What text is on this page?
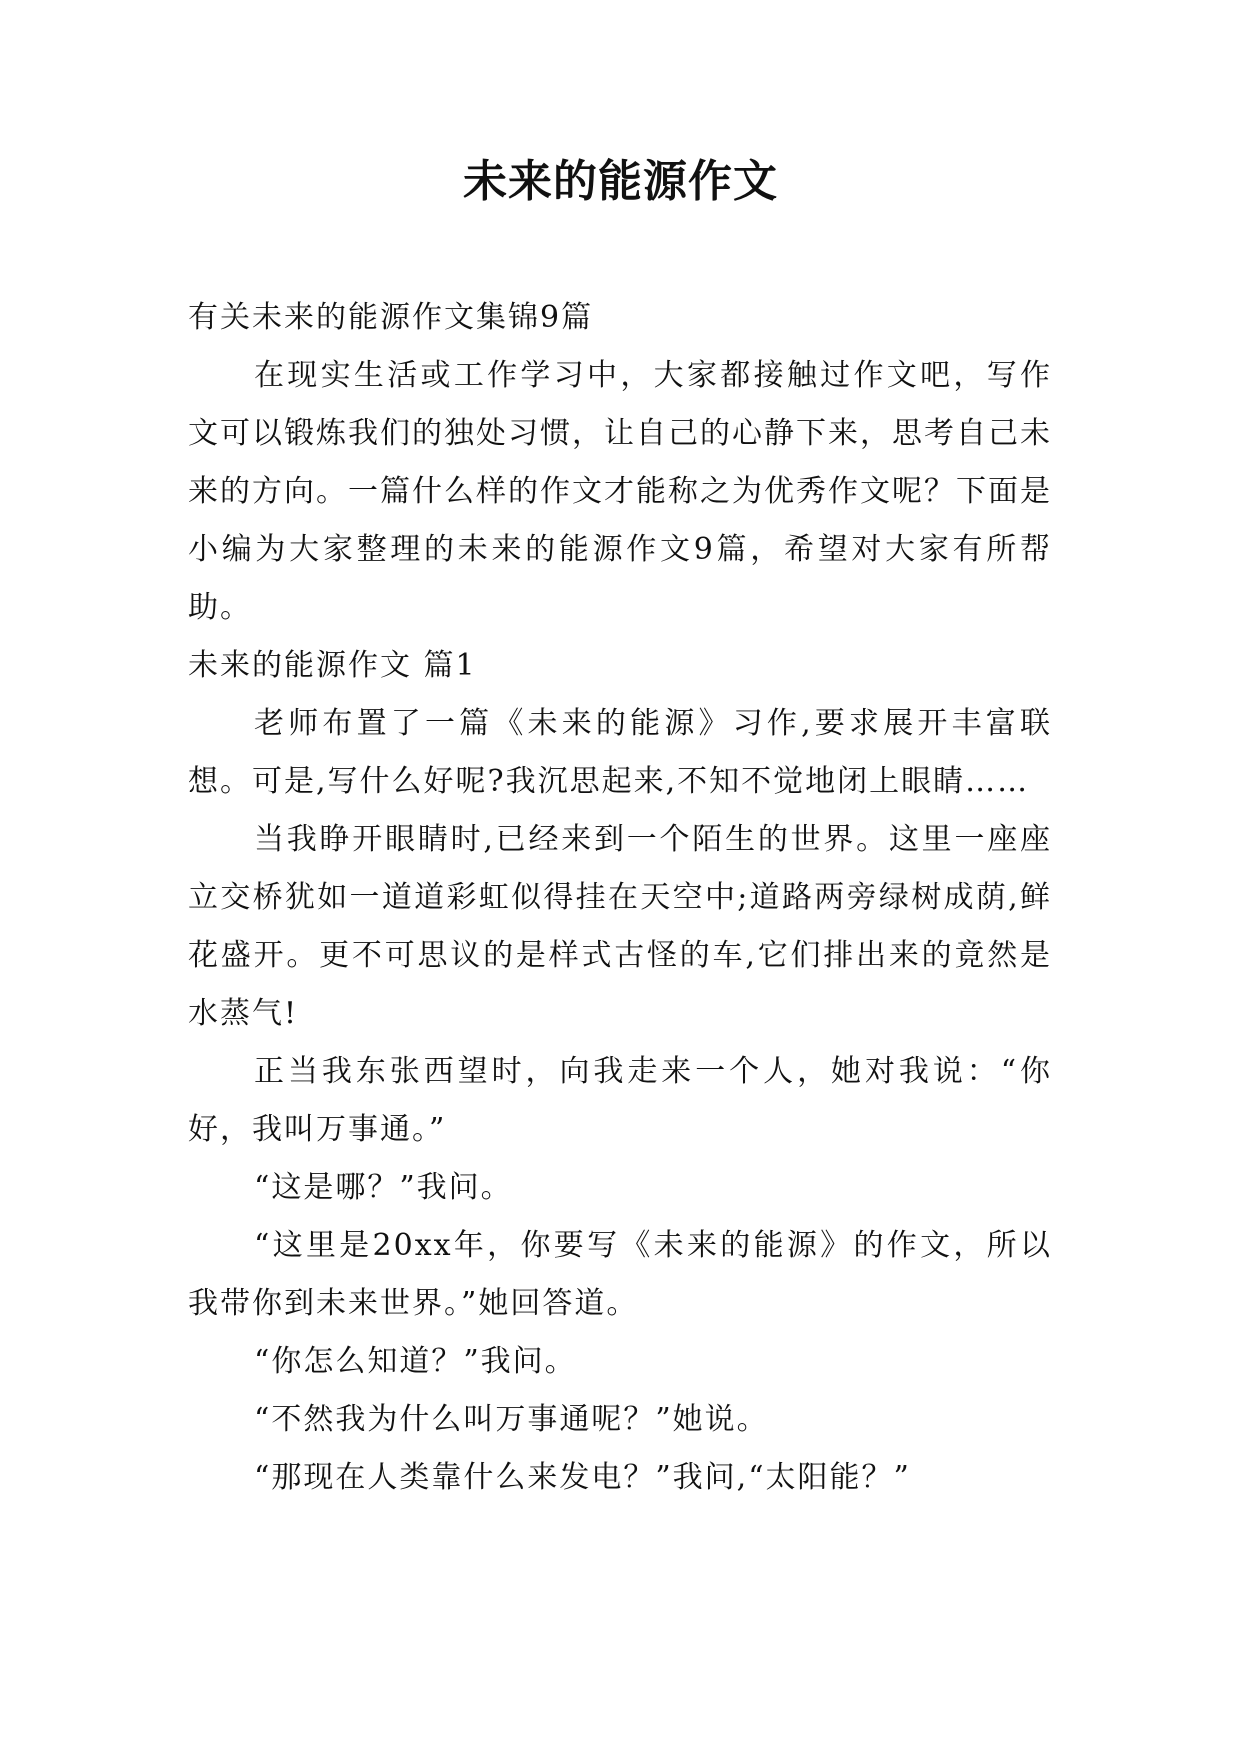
未来的能源作文

有关未来的能源作文集锦9篇

在现实生活或工作学习中，大家都接触过作文吧，写作文可以锻炼我们的独处习惯，让自己的心静下来，思考自己未来的方向。一篇什么样的作文才能称之为优秀作文呢？下面是小编为大家整理的未来的能源作文9篇，希望对大家有所帮助。

未来的能源作文 篇1

老师布置了一篇《未来的能源》习作,要求展开丰富联想。可是,写什么好呢?我沉思起来,不知不觉地闭上眼睛……

当我睁开眼睛时,已经来到一个陌生的世界。这里一座座立交桥犹如一道道彩虹似得挂在天空中;道路两旁绿树成荫,鲜花盛开。更不可思议的是样式古怪的车,它们排出来的竟然是水蒸气!

正当我东张西望时，向我走来一个人，她对我说：“你好，我叫万事通。”

“这是哪？”我问。

“这里是20xx年，你要写《未来的能源》的作文，所以我带你到未来世界。”她回答道。

“你怎么知道？”我问。

“不然我为什么叫万事通呢？”她说。

“那现在人类靠什么来发电？”我问,“太阳能？”
